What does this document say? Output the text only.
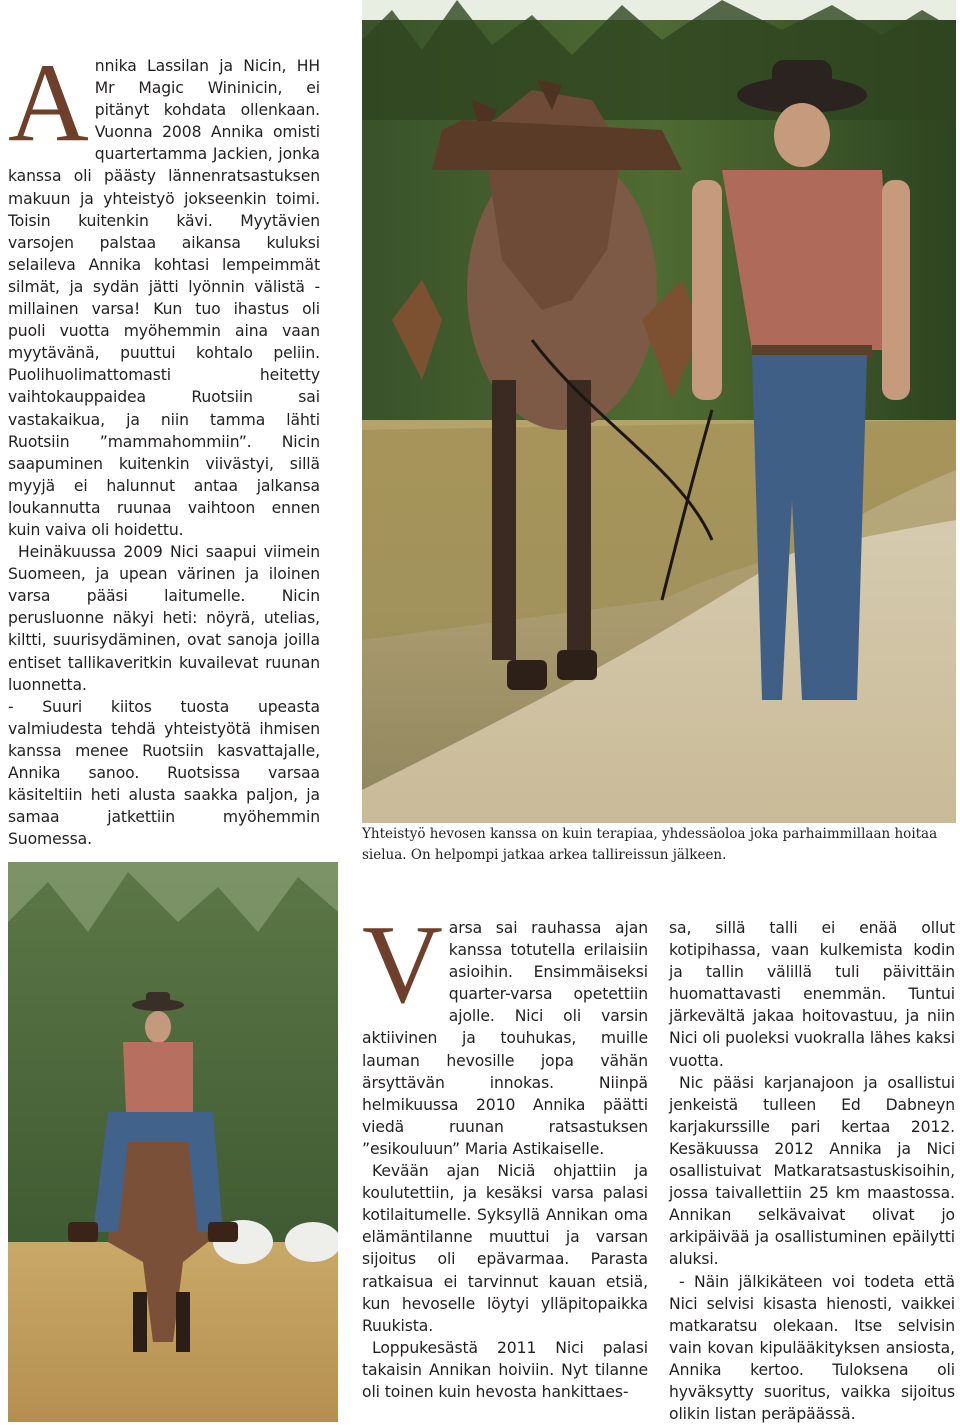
Annika Lassilan ja Nicin, HH Mr Magic Wininicin, ei pitänyt kohdata ollenkaan. Vuonna 2008 Annika omisti quartertamma Jackien, jonka kanssa oli päästy lännenratsastuksen makuun ja yhteistyö jokseenkin toimi. Toisin kuitenkin kävi. Myytävien varsojen palstaa aikansa kuluksi selaileva Annika kohtasi lempeimmät silmät, ja sydän jätti lyönnin välistä -millainen varsa! Kun tuo ihastus oli puoli vuotta myöhemmin aina vaan myytävänä, puuttui kohtalo peliin. Puolihuolimattomasti heitetty vaihtokauppaidea Ruotsiin sai vastakaikua, ja niin tamma lähti Ruotsiin ”mammahommiin”. Nicin saapuminen kuitenkin viivästyi, sillä myyjä ei halunnut antaa jalkansa loukannutta ruunaa vaihtoon ennen kuin vaiva oli hoidettu.

Heinäkuussa 2009 Nici saapui viimein Suomeen, ja upean värinen ja iloinen varsa pääsi laitumelle. Nicin perusluonne näkyi heti: nöyrä, utelias, kiltti, suurisydäminen, ovat sanoja joilla entiset tallikaveritkin kuvailevat ruunan luonnetta.

- Suuri kiitos tuosta upeasta valmiudesta tehdä yhteistyötä ihmisen kanssa menee Ruotsiin kasvattajalle, Annika sanoo. Ruotsissa varsaa käsiteltiin heti alusta saakka paljon, ja samaa jatkettiin myöhemmin Suomessa.	Yhteistyö hevosen kanssa on kuin terapiaa, yhdessäoloa joka parhaimmillaan hoitaa sielua. On helpompi jatkaa arkea tallireissun jälkeen.

Varsa sai rauhassa ajan kanssa totutella erilaisiin asioihin. Ensimmäiseksi quarter-varsa opetettiin ajolle. Nici oli varsin aktiivinen ja touhukas, muille lauman hevosille jopa vähän ärsyttävän innokas. Niinpä helmikuussa 2010 Annika päätti viedä ruunan ratsastuksen ”esikouluun” Maria Astikaiselle.

Kevään ajan Niciä ohjattiin ja koulutettiin, ja kesäksi varsa palasi kotilaitumelle. Syksyllä Annikan oma elämäntilanne muuttui ja varsan sijoitus oli epävarmaa. Parasta ratkaisua ei tarvinnut kauan etsiä, kun hevoselle löytyi ylläpitopaikka Ruukista.

Loppukesästä 2011 Nici palasi takaisin Annikan hoiviin. Nyt tilanne oli toinen kuin hevosta hankittaes-

sa, sillä talli ei enää ollut kotipihassa, vaan kulkemista kodin ja tallin välillä tuli päivittäin huomattavasti enemmän. Tuntui järkevältä jakaa hoitovastuu, ja niin Nici oli puoleksi vuokralla lähes kaksi vuotta.

Nic pääsi karjanajoon ja osallistui jenkeistä tulleen Ed Dabneyn karjakurssille pari kertaa 2012. Kesäkuussa 2012 Annika ja Nici osallistuivat Matkaratsastuskisoihin, jossa taivallettiin 25 km maastossa. Annikan selkävaivat olivat jo arkipäivää ja osallistuminen epäilytti aluksi.

- Näin jälkikäteen voi todeta että Nici selvisi kisasta hienosti, vaikkei matkaratsu olekaan. Itse selvisin vain kovan kipulääkityksen ansiosta, Annika kertoo. Tuloksena oli hyväksytty suoritus, vaikka sijoitus olikin listan peräpäässä.
